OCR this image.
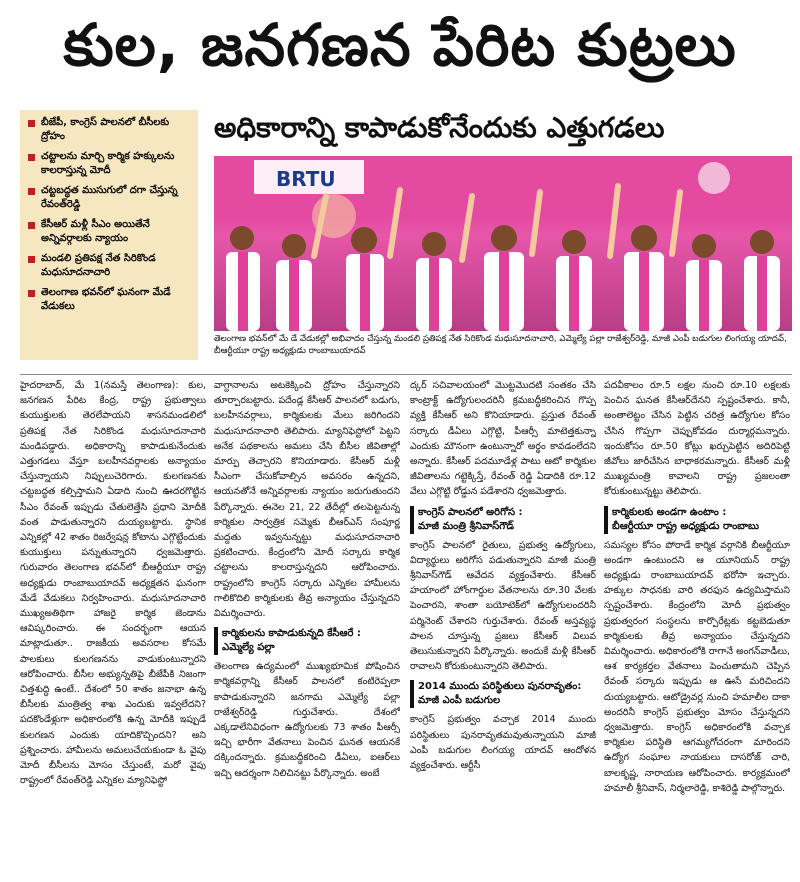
కుల, జనగణన పేరిట కుట్రలు
బీజేపీ, కాంగ్రెస్ పాలనలో బీసీలకు ద్రోహం
చట్టాలను మార్చి కార్మిక హక్కులను కాలరాస్తున్న మోదీ
చట్టబద్ధత ముసుగులో దగా చేస్తున్న రేవంత్‌రెడ్డి
కేసీఆర్ మళ్లీ సీఎం అయితేనే అన్నివర్గాలకు న్యాయం
మండలి ప్రతిపక్ష నేత సిరికొండ మధుసూదనాచారి
తెలంగాణ భవన్‌లో ఘనంగా మేడే వేడుకలు
అధికారాన్ని కాపాడుకోనేందుకు ఎత్తుగడలు
BRTU
తెలంగాణ భవన్‌లో మే డే వేడుకల్లో అభివాదం చేస్తున్న మండలి ప్రతిపక్ష నేత సిరికొండ మధుసూదనాచారి, ఎమ్మెల్యే పల్లా రాజేశ్వర్‌రెడ్డి, మాజీ ఎంపీ బడుగుల లింగయ్య యాదవ్, బీఆర్టీయూ రాష్ట్ర అధ్యక్షుడు రాంబాబుయాదవ్

హైదరాబాద్, మే 1(నమస్తే తెలంగాణ): కుల, జనగణన పేరిట కేంద్ర, రాష్ట్ర ప్రభుత్వాలు కుయుక్తులకు తెరలేపాయని శాసనమండలిలో ప్రతిపక్ష నేత సిరికొండ మధుసూదనాచారి మండిపడ్డారు. అధికారాన్ని కాపాడుకునేందుకు ఎత్తుగడలు వేస్తూ బలహీనవర్గాలకు అన్యాయం చేస్తున్నాయని నిప్పులుచెరిగారు. కులగణనకు చట్టబద్ధత కల్పిస్తామని ఏడాది నుంచి ఊదరగొట్టిన సీఎం రేవంత్ ఇప్పుడు చేతులెత్తేసి ప్రధాని మోదీకి వంత పాడుతున్నారని దుయ్యబట్టారు. స్థానిక ఎన్నికల్లో 42 శాతం రిజర్వేషన్ల కోటాను ఎగ్గొట్టేందుకు కుయుక్తులు పన్నుతున్నారని ధ్వజమెత్తారు. గురువారం తెలంగాణ భవన్‌లో బీఆర్టీయూ రాష్ట్ర అధ్యక్షుడు రాంబాబుయాదవ్ అధ్యక్షతన ఘనంగా మేడే వేడుకలు నిర్వహించారు. మధుసూదనాచారి ముఖ్యఅతిథిగా హాజరై కార్మిక జెండాను ఆవిష్కరించారు. ఈ సందర్భంగా ఆయన మాట్లాడుతూ.. రాజకీయ అవసరాల కోసమే పాలకులు కులగణనను వాడుకుంటున్నారని ఆరోపించారు. బీసీల అభ్యున్నతిపై బీజేపీకి నిజంగా చిత్తశుద్ధి ఉంటే.. దేశంలో 50 శాతం జనాభా ఉన్న బీసీలకు మంత్రిత్వ శాఖ ఎందుకు ఇవ్వలేదని? పదకొండేళ్లుగా అధికారంలోకి ఉన్న మోదీకి ఇప్పుడే కులగణన ఎందుకు యాదికొచ్చిందని? అని ప్రశ్నించారు. హామీలను అమలుచేయకుండా ఓ వైపు మోదీ బీసీలను మోసం చేస్తుంటే, మరో వైపు రాష్ట్రంలో రేవంత్‌రెడ్డి ఎన్నికల మ్యానిఫెస్టో

వాగ్దానాలను అటకెక్కించి ద్రోహం చేస్తున్నారని తూర్పారబట్టారు. పదేండ్ల కేసీఆర్ పాలనలో బడుగు, బలహీనవర్గాలు, కార్మికులకు మేలు జరిగిందని మధుసూదనాచారి తెలిపారు. మ్యానిఫెస్టోలో పెట్టని అనేక పథకాలను అమలు చేసి బీసీల జీవితాల్లో మార్పు తెచ్చారని కొనియాడారు. కేసీఆర్ మళ్లీ సీఎంగా చేసుకోవాల్సిన అవసరం ఉన్నదని, ఆయనతోనే అన్నివర్గాలకు న్యాయం జరుగుతుందని పేర్కొన్నారు. ఈనెల 21, 22 తేదీల్లో తలపెట్టనున్న కార్మికుల సార్వత్రిక సమ్మెకు బీఆర్ఎస్ సంపూర్ణ మద్దతు ఇవ్వనున్నట్టు మధుసూదనాచారి ప్రకటించారు. కేంద్రంలోని మోదీ సర్కారు కార్మిక చట్టాలను కాలరాస్తున్నదని ఆరోపించారు. రాష్ట్రంలోని కాంగ్రెస్ సర్కారు ఎన్నికల హామీలను గాలికొదిలి కార్మికులకు తీవ్ర అన్యాయం చేస్తున్నదని విమర్శించారు.

కార్మికులను కాపాడుకున్నది కేసీఆరే :
ఎమ్మెల్యే పల్లా

తెలంగాణ ఉద్యమంలో ముఖ్యభూమిక పోషించిన కార్మికవర్గాన్ని కేసీఆర్ పాలనలో కంటిరెప్పలా కాపాడుకున్నారని జనగామ ఎమ్మెల్యే పల్లా రాజేశ్వర్‌రెడ్డి గుర్తుచేశారు. దేశంలో ఎక్కడాలేనివిధంగా ఉద్యోగులకు 73 శాతం పీఆర్సీ ఇచ్చి భారీగా వేతనాలు పెంచిన ఘనత ఆయనకే దక్కిందన్నారు. క్రమబద్ధీకరించి డీఏలు, ఐఆర్‌లు ఇచ్చి ఆదర్శంగా నిలిచినట్టు పేర్కొన్నారు. అంబే

ద్కర్ సచివాలయంలో మొట్టమొదటి సంతకం చేసి కాంట్రాక్ట్ ఉద్యోగులందరినీ క్రమబద్ధీకరించిన గొప్ప వ్యక్తి కేసీఆర్ అని కొనియాడారు. ప్రస్తుత రేవంత్ సర్కారు డీఏలు ఎగ్గొట్టి, పీఆర్సీ మాటెత్తకున్నా ఎందుకు మౌనంగా ఉంటున్నారో అర్థం కావడంలేదని అన్నారు. కేసీఆర్ పదమూడేళ్ల పాటు ఆటో కార్మికుల జీవితాలను గట్టెక్కిస్తే, రేవంత్ రెడ్డి ఏడాదికి రూ.12 వేలు ఎగ్గొట్టి రోడ్డున పడేశారని ధ్వజమెత్తారు.

కాంగ్రెస్ పాలనలో అరిగోస :
మాజీ మంత్రి శ్రీనివాస్‌గౌడ్

కాంగ్రెస్ పాలనలో రైతులు, ప్రభుత్వ ఉద్యోగులు, విద్యార్థులు అరిగోస పడుతున్నారని మాజీ మంత్రి శ్రీనివాస్‌గౌడ్ ఆవేదన వ్యక్తంచేశారు. కేసీఆర్ హయాంలో హోంగార్డుల వేతనాలను రూ.30 వేలకు పెంచారని, శాంతా బయోటెక్‌లో ఉద్యోగులందరినీ పర్మినెంట్ చేశారని గుర్తుచేశారు. రేవంత్ అస్తవ్యస్థ పాలన చూస్తున్న ప్రజలు కేసీఆర్ విలువ తెలుసుకున్నారని పేర్కొన్నారు. అందుకే మళ్లీ కేసీఆర్ రావాలని కోరుకుంటున్నారని తెలిపారు.

2014 ముందు పరిస్థితులు పునరావృతం:
మాజీ ఎంపీ బడుగుల

కాంగ్రెస్ ప్రభుత్వం వచ్చాక 2014 ముందు పరిస్థితులు పునరావృతమవుతున్నాయని మాజీ ఎంపీ బడుగుల లింగయ్య యాదవ్ ఆందోళన వ్యక్తంచేశారు. ఆర్టీసీ

పదవీకాలం రూ.5 లక్షల నుంచి రూ.10 లక్షలకు పెంచిన ఘనత కేసీఆర్‌దేనని స్పష్టంచేశారు. కానీ, అంతాలెట్టం చేసిన పెట్టిన చరిత్ర ఉద్యోగుల కోసం చేసిన గొప్పగా చెప్పుకోవడం దుర్మార్గమన్నారు. ఇందుకోసం రూ.50 కోట్లు ఖర్చుపెట్టిన అదిరిపెట్టి జీవోలు జారీచేసిన బాధాకరమన్నారు. కేసీఆర్ మళ్లీ ముఖ్యమంత్రి కావాలని రాష్ట్ర ప్రజలంతా కోరుకుంటున్నట్టు తెలిపారు.

కార్మికులకు అండగా ఉంటాం :
బీఆర్టీయూ రాష్ట్ర అధ్యక్షుడు రాంబాబు

సమస్యల కోసం పోరాడే కార్మిక వర్గానికి బీఆర్టీయూ అండగా ఉంటుందని ఆ యూనియన్ రాష్ట్ర అధ్యక్షుడు రాంబాబుయాదవ్ భరోసా ఇచ్చారు. హక్కుల సాధనకు వారి తరఫున ఉద్యమిస్తామని స్పష్టంచేశారు. కేంద్రంలోని మోదీ ప్రభుత్వం ప్రభుత్వరంగ సంస్థలను కార్పొరేట్లకు కట్టబెడుతూ కార్మికులకు తీవ్ర అన్యాయం చేస్తున్నదని విమర్శించారు. అధికారంలోకి రాగానే అంగన్‌వాడీలు, ఆశ కార్యకర్తల వేతనాలు పెంచుతామని చెప్పిన రేవంత్ సర్కారు ఇప్పుడు ఆ ఊసే మరిచిందని దుయ్యబట్టారు. ఆటోడ్రైవర్ల నుంచి హమాలీల దాకా అందరినీ కాంగ్రెస్ ప్రభుత్వం మోసం చేస్తున్నదని ధ్వజమెత్తారు. కాంగ్రెస్ అధికారంలోకి వచ్చాక కార్మికుల పరిస్థితి ఆగమ్యగోచరంగా మారిందని ఉద్యోగ సంఘాల నాయకులు దాసరోజ్ చారి, బాలకృష్ణ, నారాయణ ఆరోపించారు. కార్యక్రమంలో హమాలీ శ్రీనివాస్, నిర్మలారెడ్డి, కాశిరెడ్డి పాల్గొన్నారు.
